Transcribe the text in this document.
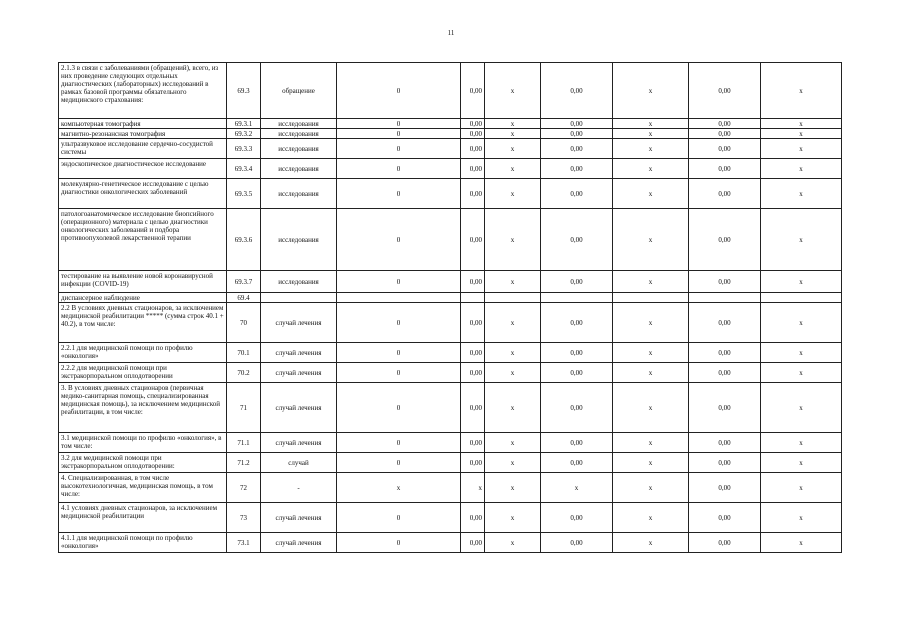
11
2.1.3 в связи с заболеваниями (обращений), всего, из них проведение следующих отдельных диагностических (лабораторных) исследований в рамках базовой программы обязательного медицинского страхования:	69.3	обращение	0	0,00	х	0,00	х	0,00	х
компьютерная томография	69.3.1	исследования	0	0,00	х	0,00	х	0,00	х
магнитно-резонансная томография	69.3.2	исследования	0	0,00	х	0,00	х	0,00	х
ультразвуковое исследование сердечно-сосудистой системы	69.3.3	исследования	0	0,00	х	0,00	х	0,00	х
эндоскопическое диагностическое исследование	69.3.4	исследования	0	0,00	х	0,00	х	0,00	х
молекулярно-генетическое исследование с целью диагностики онкологических заболеваний	69.3.5	исследования	0	0,00	х	0,00	х	0,00	х
патологоанатомическое исследование биопсийного (операционного) материала с целью диагностики онкологических заболеваний и подбора противоопухолевой лекарственной терапии	69.3.6	исследования	0	0,00	х	0,00	х	0,00	х
тестирование на выявление новой коронавирусной инфекции (COVID-19)	69.3.7	исследования	0	0,00	х	0,00	х	0,00	х
диспансерное наблюдение	69.4								
2.2 В условиях дневных стационаров, за исключением медицинской реабилитации ***** (сумма строк 40.1 + 40.2), в том числе:	70	случай лечения	0	0,00	х	0,00	х	0,00	х
2.2.1 для медицинской помощи по профилю «онкология»	70.1	случай лечения	0	0,00	х	0,00	х	0,00	х
2.2.2 для медицинской помощи при экстракорпоральном оплодотворении	70.2	случай лечения	0	0,00	х	0,00	х	0,00	х
3. В условиях дневных стационаров (первичная медико-санитарная помощь, специализированная медицинская помощь), за исключением медицинской реабилитации, в том числе:	71	случай лечения	0	0,00	х	0,00	х	0,00	х
3.1 медицинской помощи по профилю «онкология», в том числе:	71.1	случай лечения	0	0,00	х	0,00	х	0,00	х
3.2 для медицинской помощи при экстракорпоральном оплодотворении:	71.2	случай	0	0,00	х	0,00	х	0,00	х
4. Специализированная, в том числе высокотехнологичная, медицинская помощь, в том числе:	72	-	х	х	х	х	х	0,00	х
4.1 условиях дневных стационаров, за исключением медицинской реабилитации	73	случай лечения	0	0,00	х	0,00	х	0,00	х
4.1.1 для медицинской помощи по профилю «онкология»	73.1	случай лечения	0	0,00	х	0,00	х	0,00	х
